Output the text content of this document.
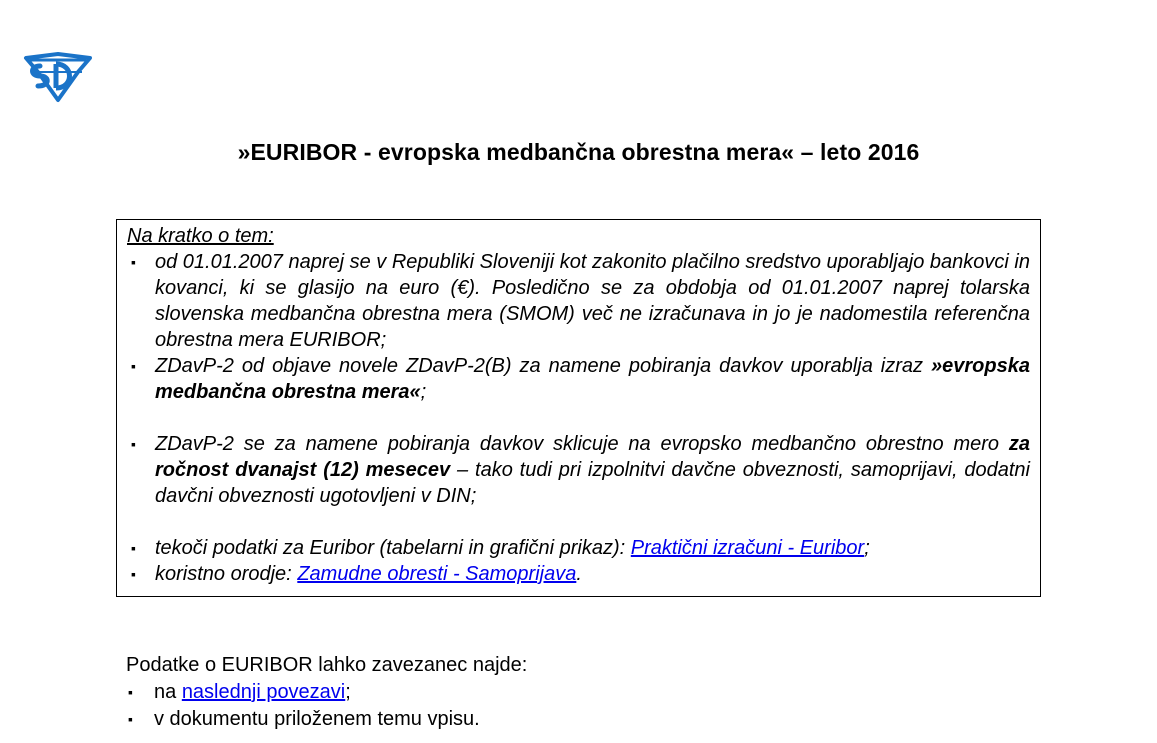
»EURIBOR - evropska medbančna obrestna mera« – leto 2016
Na kratko o tem:
▪ od 01.01.2007 naprej se v Republiki Sloveniji kot zakonito plačilno sredstvo uporabljajo bankovci in kovanci, ki se glasijo na euro (€). Posledično se za obdobja od 01.01.2007 naprej tolarska slovenska medbančna obrestna mera (SMOM) več ne izračunava in jo je nadomestila referenčna obrestna mera EURIBOR;
▪ ZDavP-2 od objave novele ZDavP-2(B) za namene pobiranja davkov uporablja izraz »evropska medbančna obrestna mera«;
▪ ZDavP-2 se za namene pobiranja davkov sklicuje na evropsko medbančno obrestno mero za ročnost dvanajst (12) mesecev – tako tudi pri izpolnitvi davčne obveznosti, samoprijavi, dodatni davčni obveznosti ugotovljeni v DIN;
▪ tekoči podatki za Euribor (tabelarni in grafični prikaz): Praktični izračuni - Euribor;
▪ koristno orodje: Zamudne obresti - Samoprijava.
Podatke o EURIBOR lahko zavezanec najde:
▪ na naslednji povezavi;
▪ v dokumentu priloženem temu vpisu.
